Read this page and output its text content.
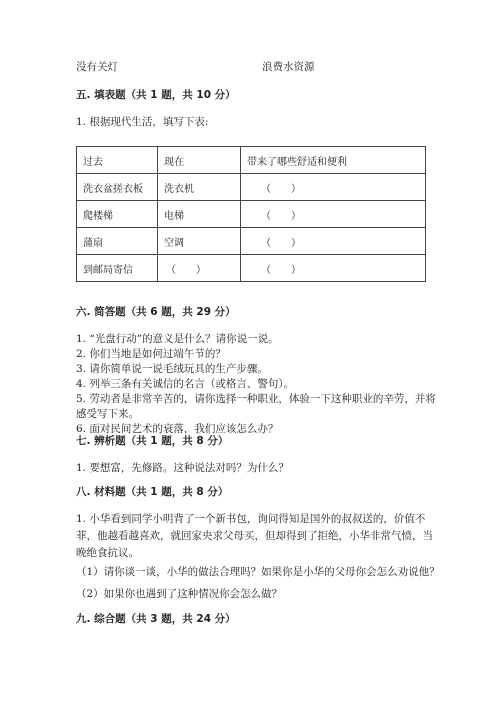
没有关灯	浪费水资源
五. 填表题（共 1 题，共 10 分）
1. 根据现代生活，填写下表:
过去	现在	带来了哪些舒适和便利
洗衣盆搓衣板	洗衣机	（　　）
爬楼梯	电梯	（　　）
蒲扇	空调	（　　）
到邮局寄信	（　　）	（　　）
六. 简答题（共 6 题，共 29 分）
1. “光盘行动”的意义是什么？请你说一说。
2. 你们当地是如何过端午节的？
3. 请你简单说一说毛绒玩具的生产步骤。
4. 列举三条有关诚信的名言（或格言、警句）。
5. 劳动者是非常辛苦的，请你选择一种职业，体验一下这种职业的辛劳，并将
感受写下来。
6. 面对民间艺术的衰落，我们应该怎么办？
七. 辨析题（共 1 题，共 8 分）
1. 要想富，先修路。这种说法对吗？为什么？
八. 材料题（共 1 题，共 8 分）
1. 小华看到同学小明背了一个新书包，询问得知是国外的叔叔送的，价值不
菲，他越看越喜欢，就回家央求父母买，但却得到了拒绝，小华非常气愤，当
晚绝食抗议。
（1）请你谈一谈，小华的做法合理吗？如果你是小华的父母你会怎么劝说他？
（2）如果你也遇到了这种情况你会怎么做？
九. 综合题（共 3 题，共 24 分）
